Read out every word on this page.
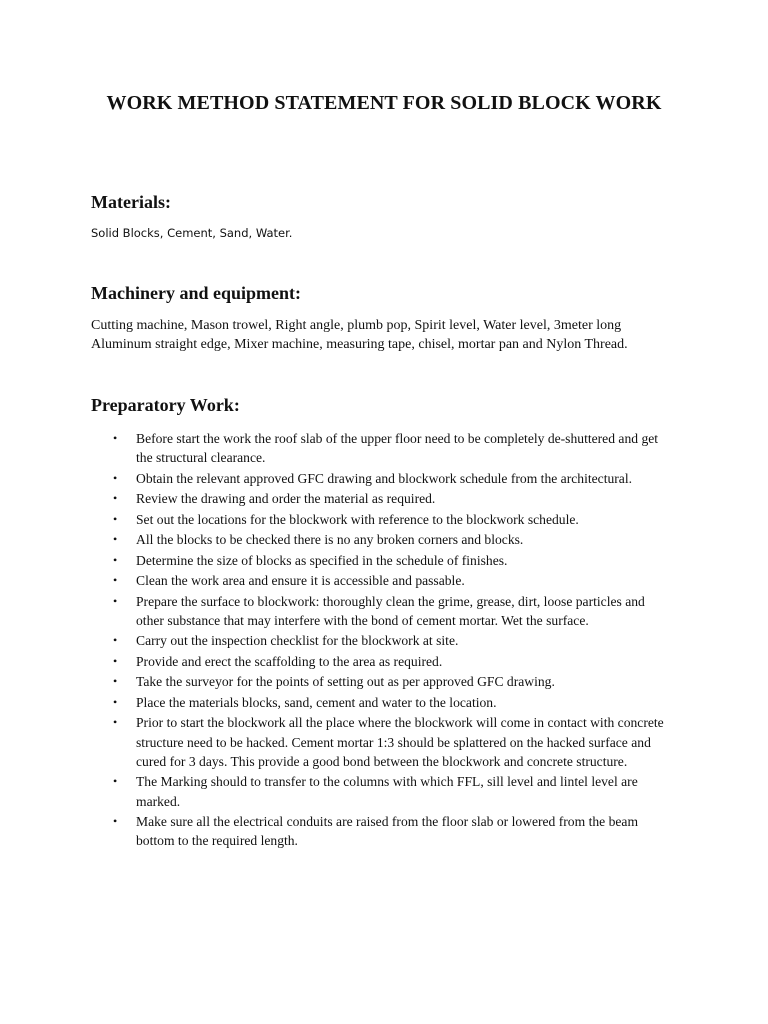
WORK METHOD STATEMENT FOR SOLID BLOCK WORK
Materials:

Solid Blocks, Cement, Sand, Water.

Machinery and equipment:

Cutting machine, Mason trowel, Right angle, plumb pop, Spirit level, Water level, 3meter long Aluminum straight edge, Mixer machine, measuring tape, chisel, mortar pan and Nylon Thread.

Preparatory Work:
• Before start the work the roof slab of the upper floor need to be completely de-shuttered and get the structural clearance.
• Obtain the relevant approved GFC drawing and blockwork schedule from the architectural.
• Review the drawing and order the material as required.
• Set out the locations for the blockwork with reference to the blockwork schedule.
• All the blocks to be checked there is no any broken corners and blocks.
• Determine the size of blocks as specified in the schedule of finishes.
• Clean the work area and ensure it is accessible and passable.
• Prepare the surface to blockwork: thoroughly clean the grime, grease, dirt, loose particles and other substance that may interfere with the bond of cement mortar. Wet the surface.
• Carry out the inspection checklist for the blockwork at site.
• Provide and erect the scaffolding to the area as required.
• Take the surveyor for the points of setting out as per approved GFC drawing.
• Place the materials blocks, sand, cement and water to the location.
• Prior to start the blockwork all the place where the blockwork will come in contact with concrete structure need to be hacked. Cement mortar 1:3 should be splattered on the hacked surface and cured for 3 days. This provide a good bond between the blockwork and concrete structure.
• The Marking should to transfer to the columns with which FFL, sill level and lintel level are marked.
• Make sure all the electrical conduits are raised from the floor slab or lowered from the beam bottom to the required length.
